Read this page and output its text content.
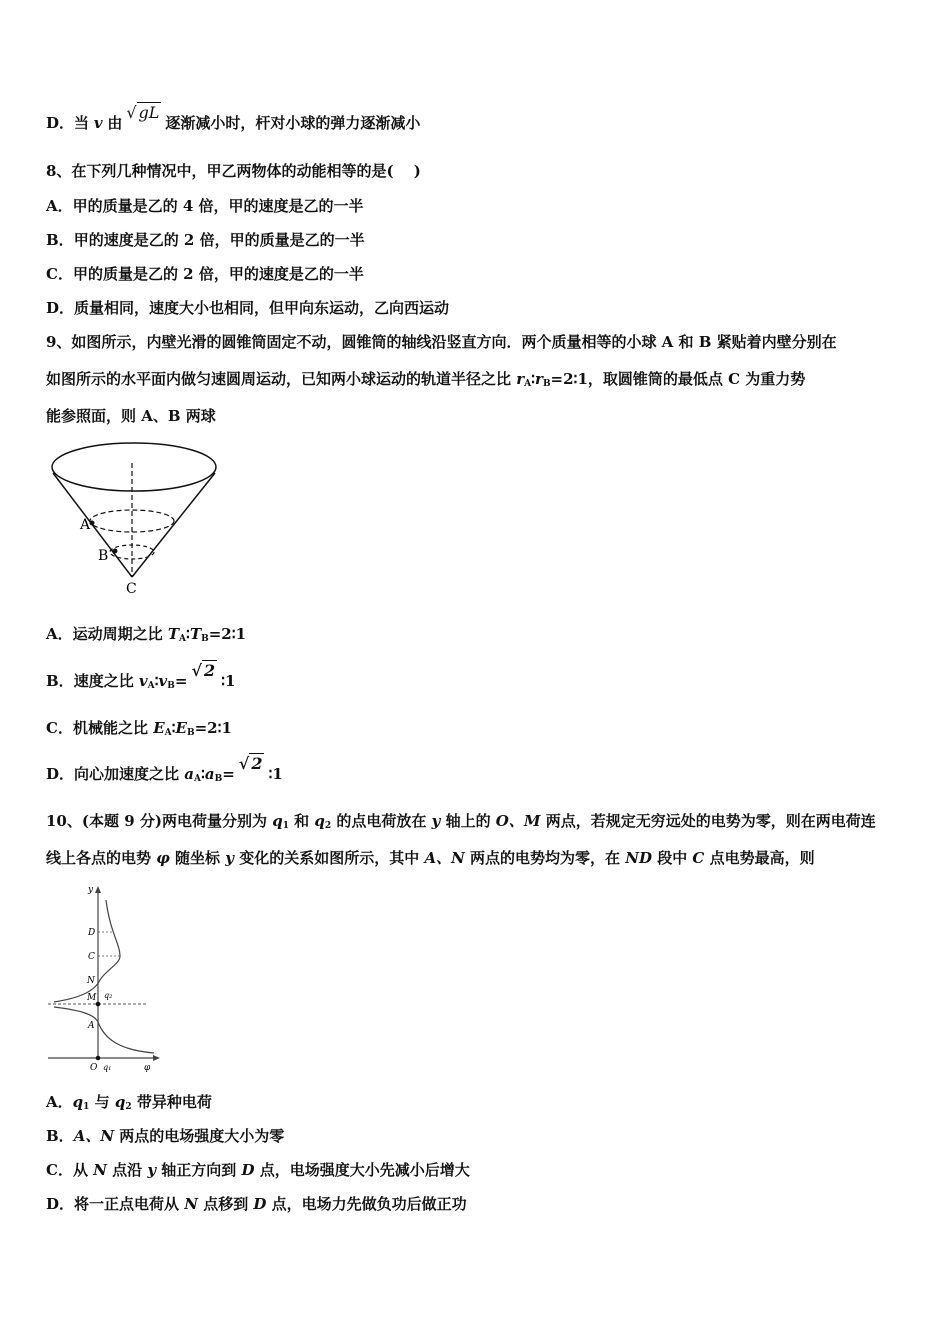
D．当 v 由√ gL逐渐减小时，杆对小球的弹力逐渐减小
8、在下列几种情况中，甲乙两物体的动能相等的是(　 )
A．甲的质量是乙的 4 倍，甲的速度是乙的一半
B．甲的速度是乙的 2 倍，甲的质量是乙的一半
C．甲的质量是乙的 2 倍，甲的速度是乙的一半
D．质量相同，速度大小也相同，但甲向东运动，乙向西运动
9、如图所示，内壁光滑的圆锥筒固定不动，圆锥筒的轴线沿竖直方向．两个质量相等的小球 A 和 B 紧贴着内壁分别在
如图所示的水平面内做匀速圆周运动，已知两小球运动的轨道半径之比 $r_A∶r_B=2∶1$，取圆锥筒的最低点 C 为重力势
能参照面，则 A、B 两球
A
B
C
A．运动周期之比 $T_A∶T_B=2∶1$
B．速度之比 $v_A∶v_B=√$ 2∶1
C．机械能之比 $E_A∶E_B=2∶1$
D．向心加速度之比 $a_A∶a_B=√$ 2∶1
10、(本题 9 分)两电荷量分别为 $q_1$ 和 $q_2$ 的点电荷放在 y 轴上的 O、M 两点，若规定无穷远处的电势为零，则在两电荷连
线上各点的电势 φ 随坐标 y 变化的关系如图所示，其中 A、N 两点的电势均为零，在 ND 段中 C 点电势最高，则
y
D
C
N
M
A
O
q₂
q₁	φ
A．$q_1$ 与 $q_2$ 带异种电荷
B．A、N 两点的电场强度大小为零
C．从 N 点沿 y 轴正方向到 D 点，电场强度大小先减小后增大
D．将一正点电荷从 N 点移到 D 点，电场力先做负功后做正功
